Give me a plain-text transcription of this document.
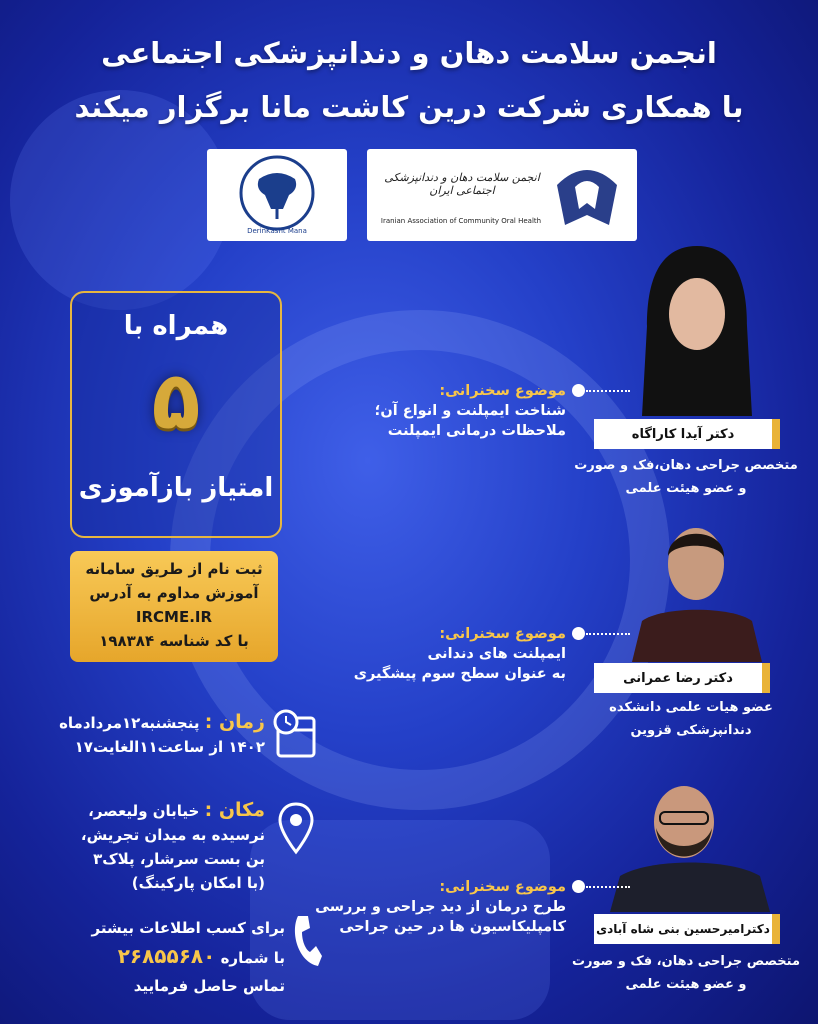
انجمن سلامت دهان و دندانپزشکی اجتماعی
با همکاری شرکت درین کاشت مانا برگزار میکند
DerinKasht Mana
انجمن سلامت دهان و دندانپزشکی اجتماعی ایران
Iranian Association of Community Oral Health
همراه با
۵
امتیاز بازآموزی
ثبت نام از طریق سامانه
آموزش مداوم به آدرس
IRCME.IR
با کد شناسه ۱۹۸۳۸۴
زمان : پنجشنبه۱۲مردادماه
۱۴۰۲ از ساعت۱۱الغایت۱۷
مکان : خیابان ولیعصر،
نرسیده به میدان تجریش،
بن بست سرشار، پلاک۳
(با امکان پارکینگ)
برای کسب اطلاعات بیشتر
با شماره ۲۶۸۵۵۶۸۰
تماس حاصل فرمایید
دکتر آیدا کاراگاه
متخصص جراحی دهان،فک و صورت
و عضو هیئت علمی
موضوع سخنرانی:
شناخت ایمپلنت و انواع آن؛
ملاحظات درمانی ایمپلنت
دکتر رضا عمرانی
عضو هیات علمی دانشکده
دندانپزشکی قزوین
موضوع سخنرانی:
ایمپلنت های دندانی
به عنوان سطح سوم پیشگیری
دکترامیرحسین بنی شاه آبادی
متخصص جراحی دهان، فک و صورت
و عضو هیئت علمی
موضوع سخنرانی:
طرح درمان از دید جراحی و بررسی
کامپلیکاسیون ها در حین جراحی
